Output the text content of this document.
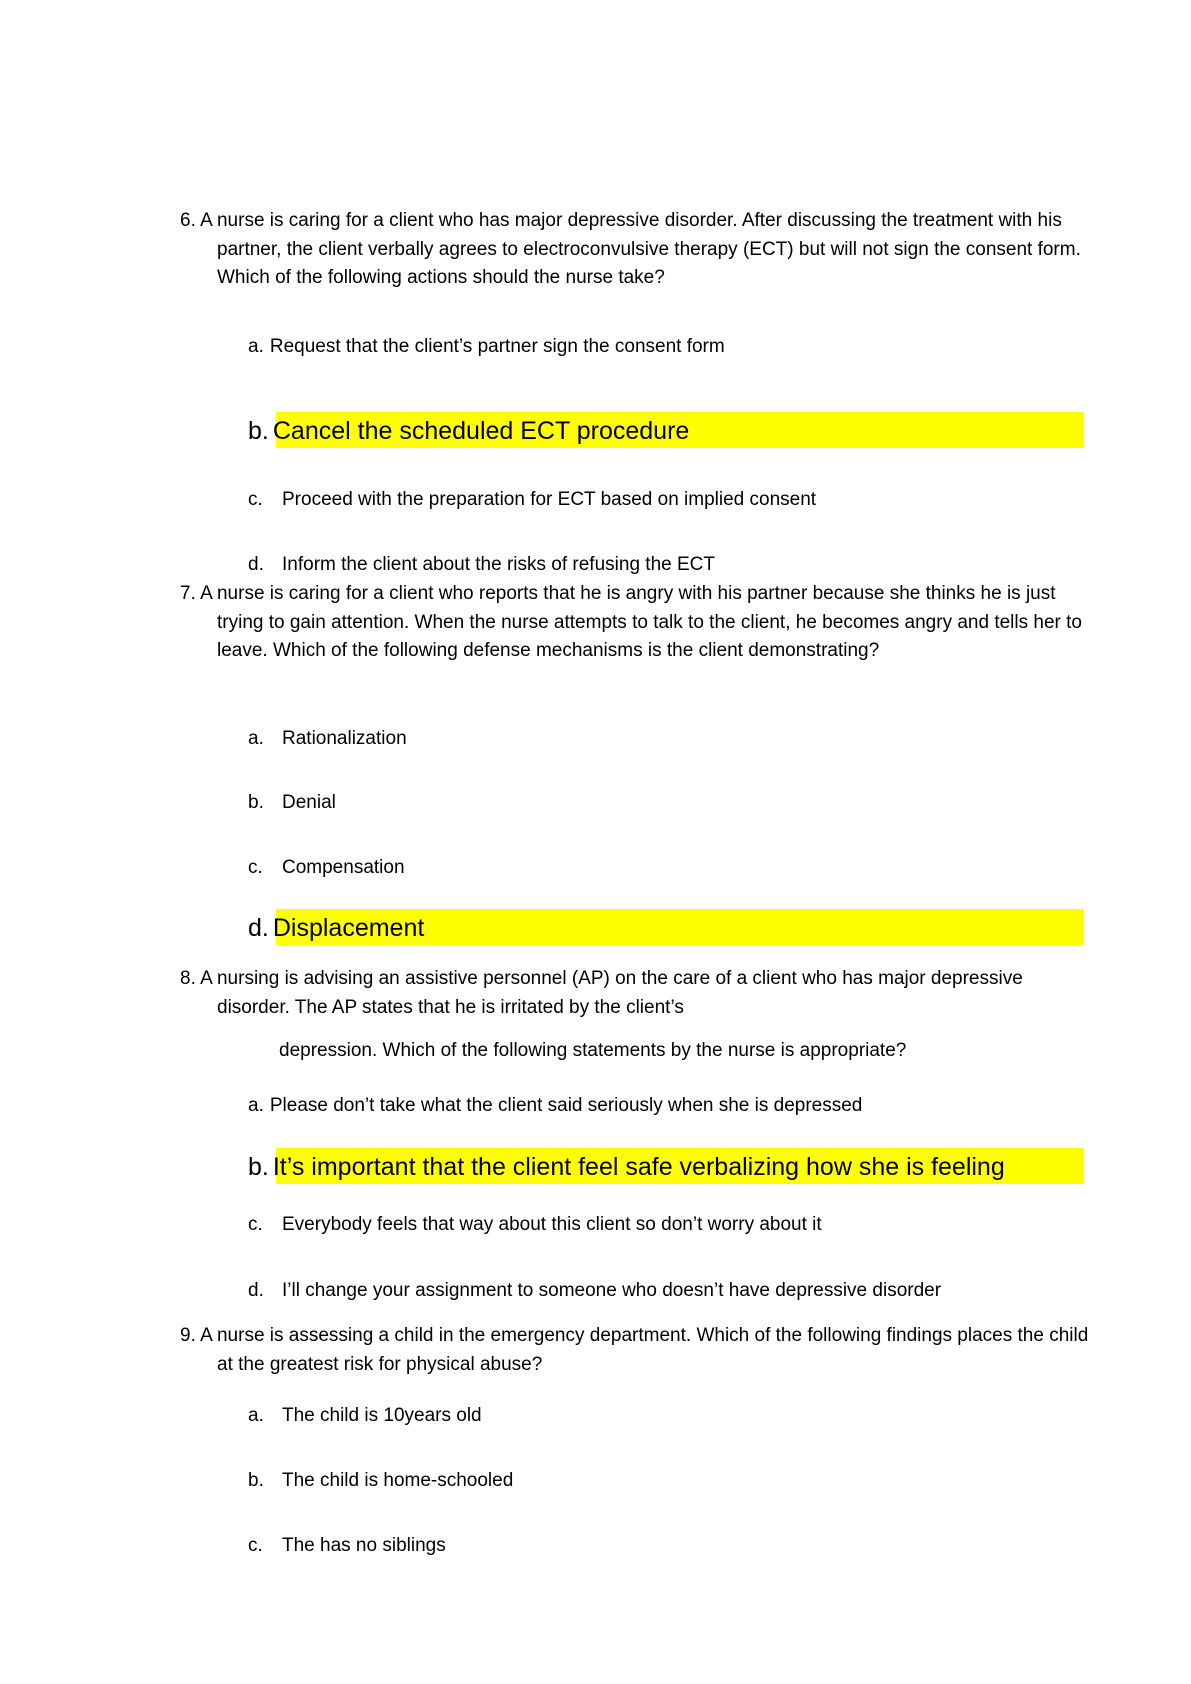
6. A nurse is caring for a client who has major depressive disorder. After discussing the treatment with his partner, the client verbally agrees to electroconvulsive therapy (ECT) but will not sign the consent form. Which of the following actions should the nurse take?

a. Request that the client’s partner sign the consent form

b. Cancel the scheduled ECT procedure

c. Proceed with the preparation for ECT based on implied consent

d. Inform the client about the risks of refusing the ECT

7. A nurse is caring for a client who reports that he is angry with his partner because she thinks he is just trying to gain attention. When the nurse attempts to talk to the client, he becomes angry and tells her to leave. Which of the following defense mechanisms is the client demonstrating?

a. Rationalization

b. Denial

c. Compensation

d. Displacement

8. A nursing is advising an assistive personnel (AP) on the care of a client who has major depressive disorder. The AP states that he is irritated by the client’s

depression. Which of the following statements by the nurse is appropriate?

a. Please don’t take what the client said seriously when she is depressed

b. It’s important that the client feel safe verbalizing how she is feeling

c. Everybody feels that way about this client so don’t worry about it

d. I’ll change your assignment to someone who doesn’t have depressive disorder

9. A nurse is assessing a child in the emergency department. Which of the following findings places the child at the greatest risk for physical abuse?

a. The child is 10years old

b. The child is home-schooled

c. The has no siblings
